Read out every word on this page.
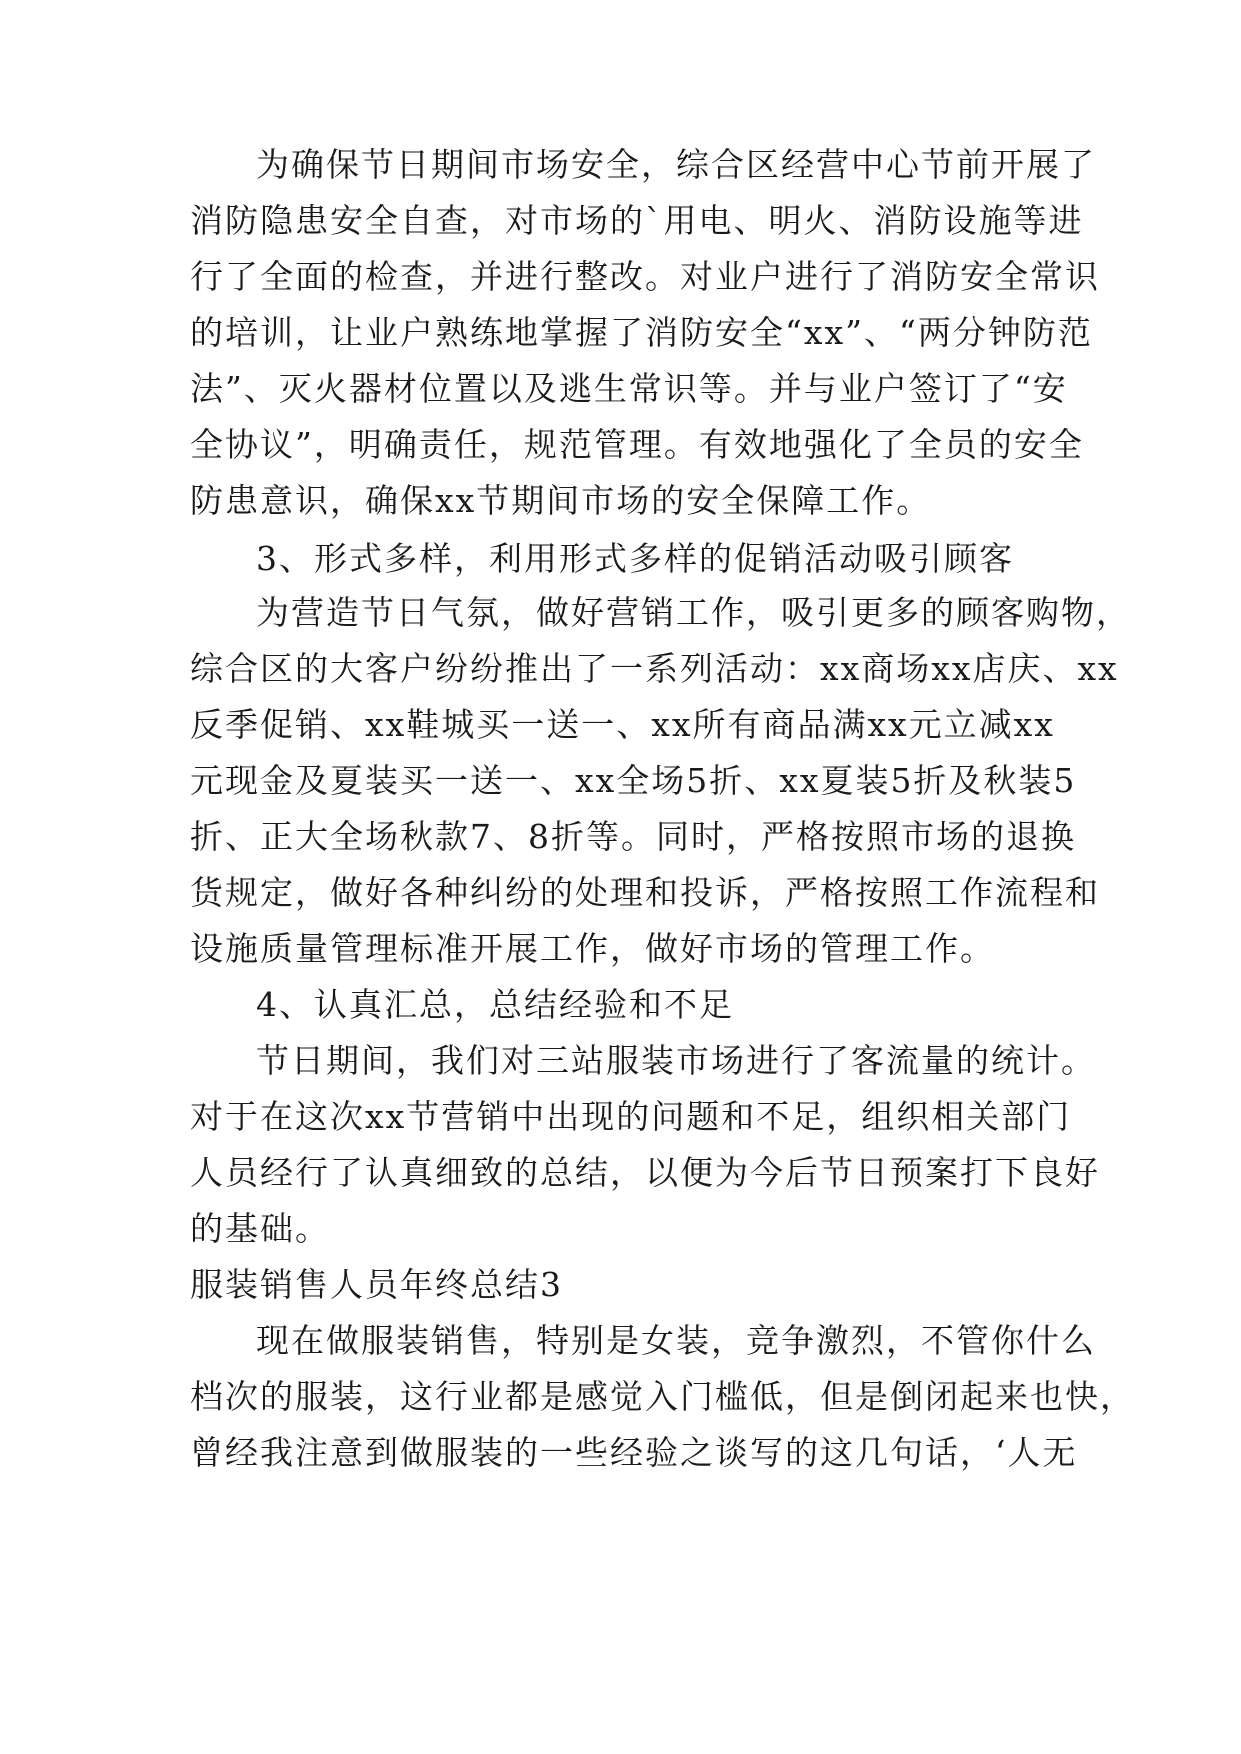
为确保节日期间市场安全，综合区经营中心节前开展了
消防隐患安全自查，对市场的`用电、明火、消防设施等进
行了全面的检查，并进行整改。对业户进行了消防安全常识
的培训，让业户熟练地掌握了消防安全“xx”、“两分钟防范
法”、灭火器材位置以及逃生常识等。并与业户签订了“安
全协议”，明确责任，规范管理。有效地强化了全员的安全
防患意识，确保xx节期间市场的安全保障工作。
3、形式多样，利用形式多样的促销活动吸引顾客
为营造节日气氛，做好营销工作，吸引更多的顾客购物，
综合区的大客户纷纷推出了一系列活动：xx商场xx店庆、xx
反季促销、xx鞋城买一送一、xx所有商品满xx元立减xx
元现金及夏装买一送一、xx全场5折、xx夏装5折及秋装5
折、正大全场秋款7、8折等。同时，严格按照市场的退换
货规定，做好各种纠纷的处理和投诉，严格按照工作流程和
设施质量管理标准开展工作，做好市场的管理工作。
4、认真汇总，总结经验和不足
节日期间，我们对三站服装市场进行了客流量的统计。
对于在这次xx节营销中出现的问题和不足，组织相关部门
人员经行了认真细致的总结，以便为今后节日预案打下良好
的基础。
服装销售人员年终总结3
现在做服装销售，特别是女装，竞争激烈，不管你什么
档次的服装，这行业都是感觉入门槛低，但是倒闭起来也快，
曾经我注意到做服装的一些经验之谈写的这几句话，‘人无
